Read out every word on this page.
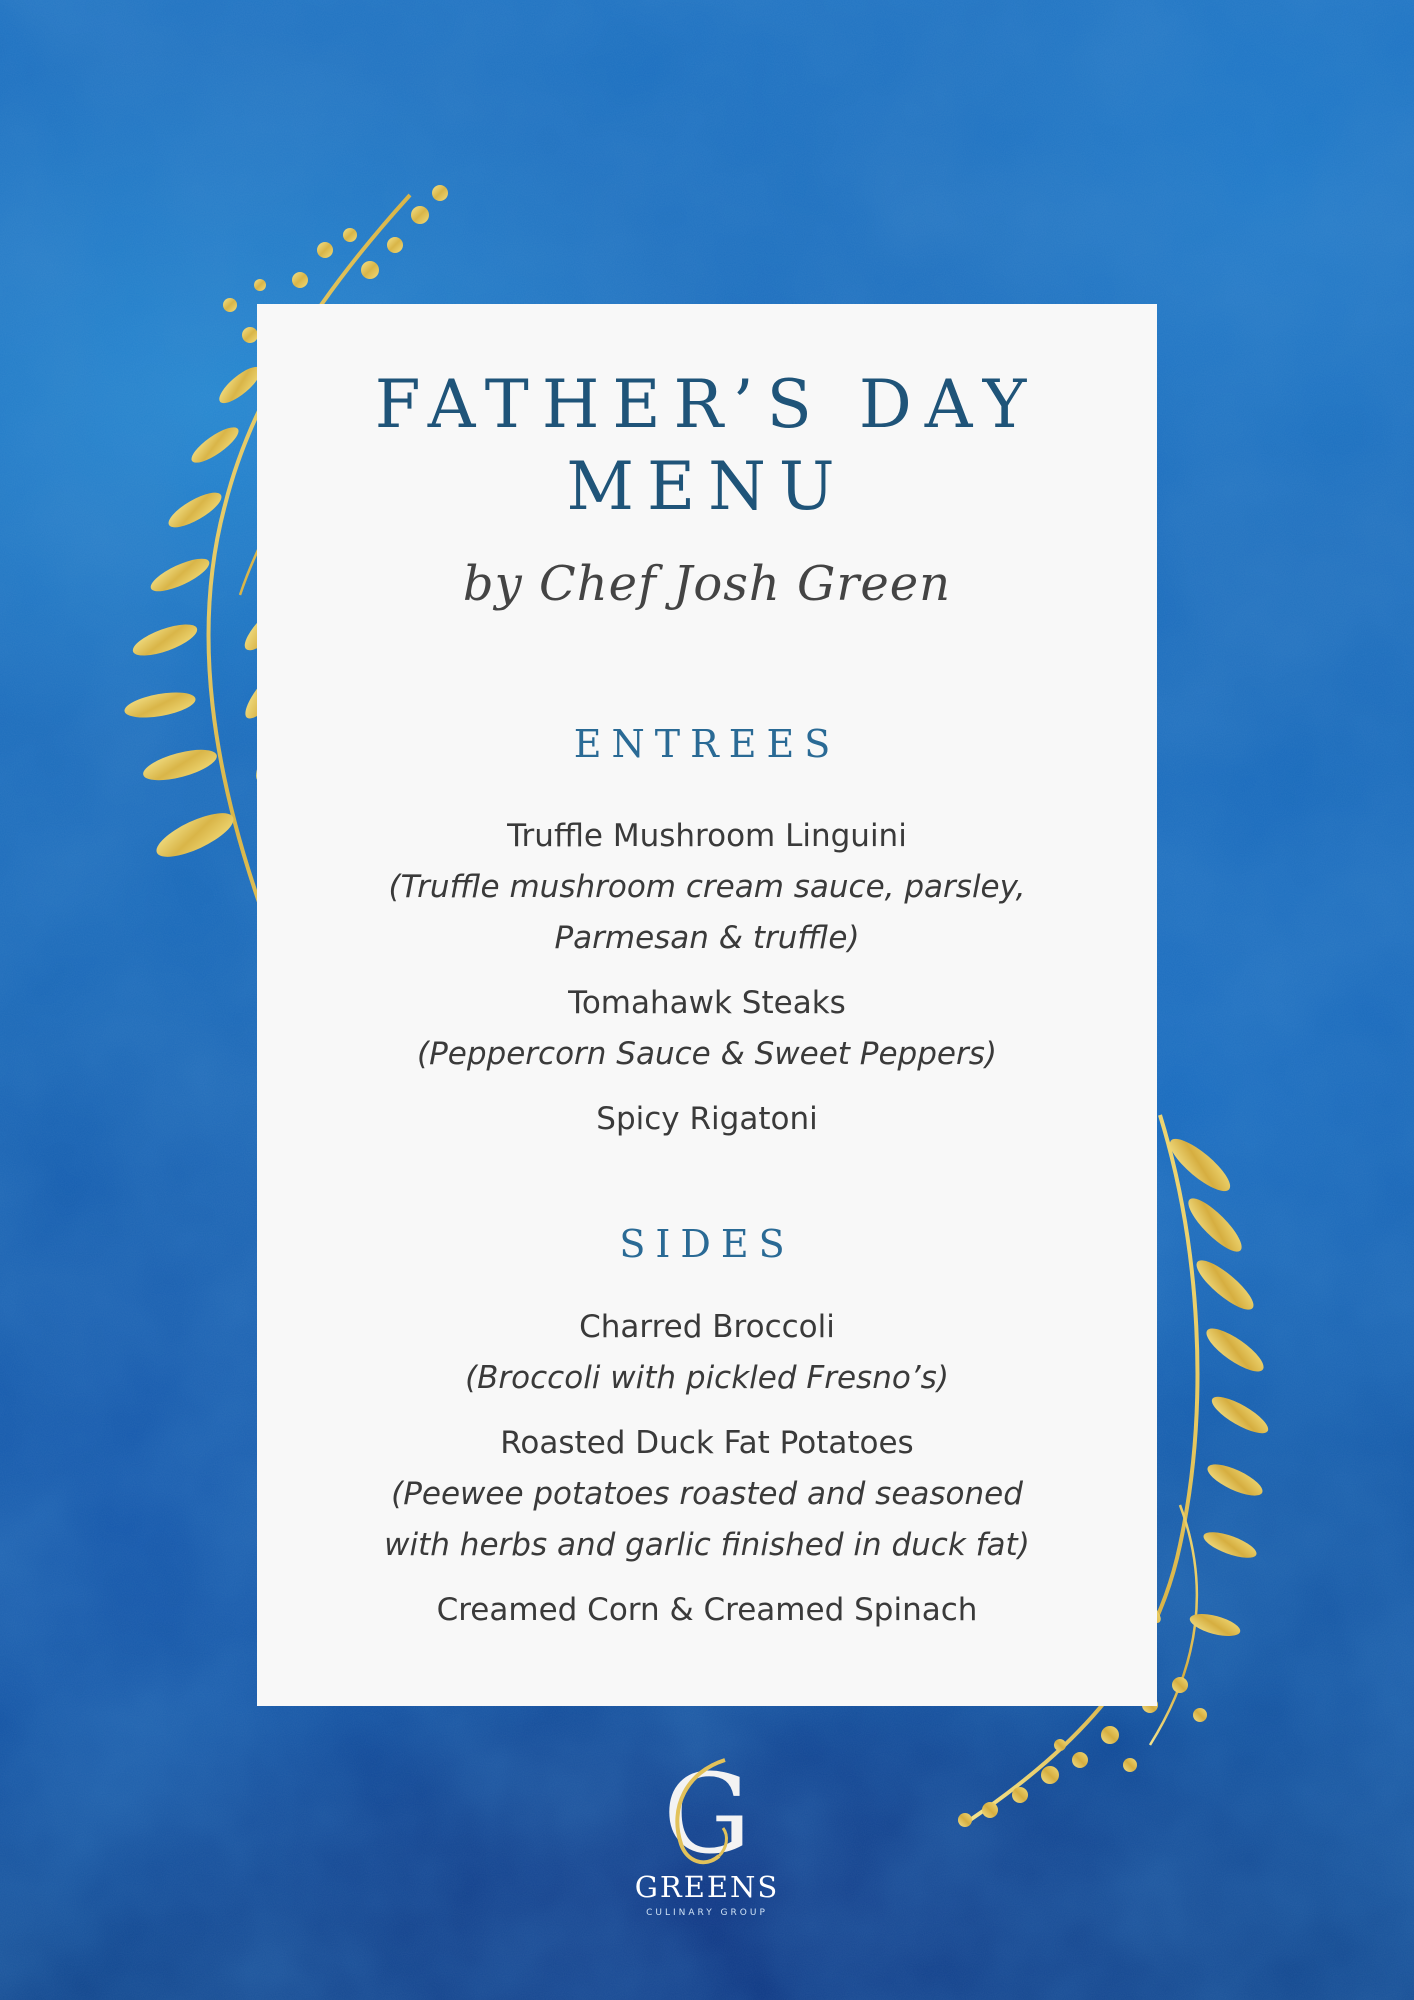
FATHER’S DAY
MENU
by Chef Josh Green
ENTREES
Truffle Mushroom Linguini
(Truffle mushroom cream sauce, parsley,
Parmesan & truffle)
Tomahawk Steaks
(Peppercorn Sauce & Sweet Peppers)
Spicy Rigatoni
SIDES
Charred Broccoli
(Broccoli with pickled Fresno’s)
Roasted Duck Fat Potatoes
(Peewee potatoes roasted and seasoned
with herbs and garlic finished in duck fat)
Creamed Corn & Creamed Spinach
G
GREENS
CULINARY GROUP
